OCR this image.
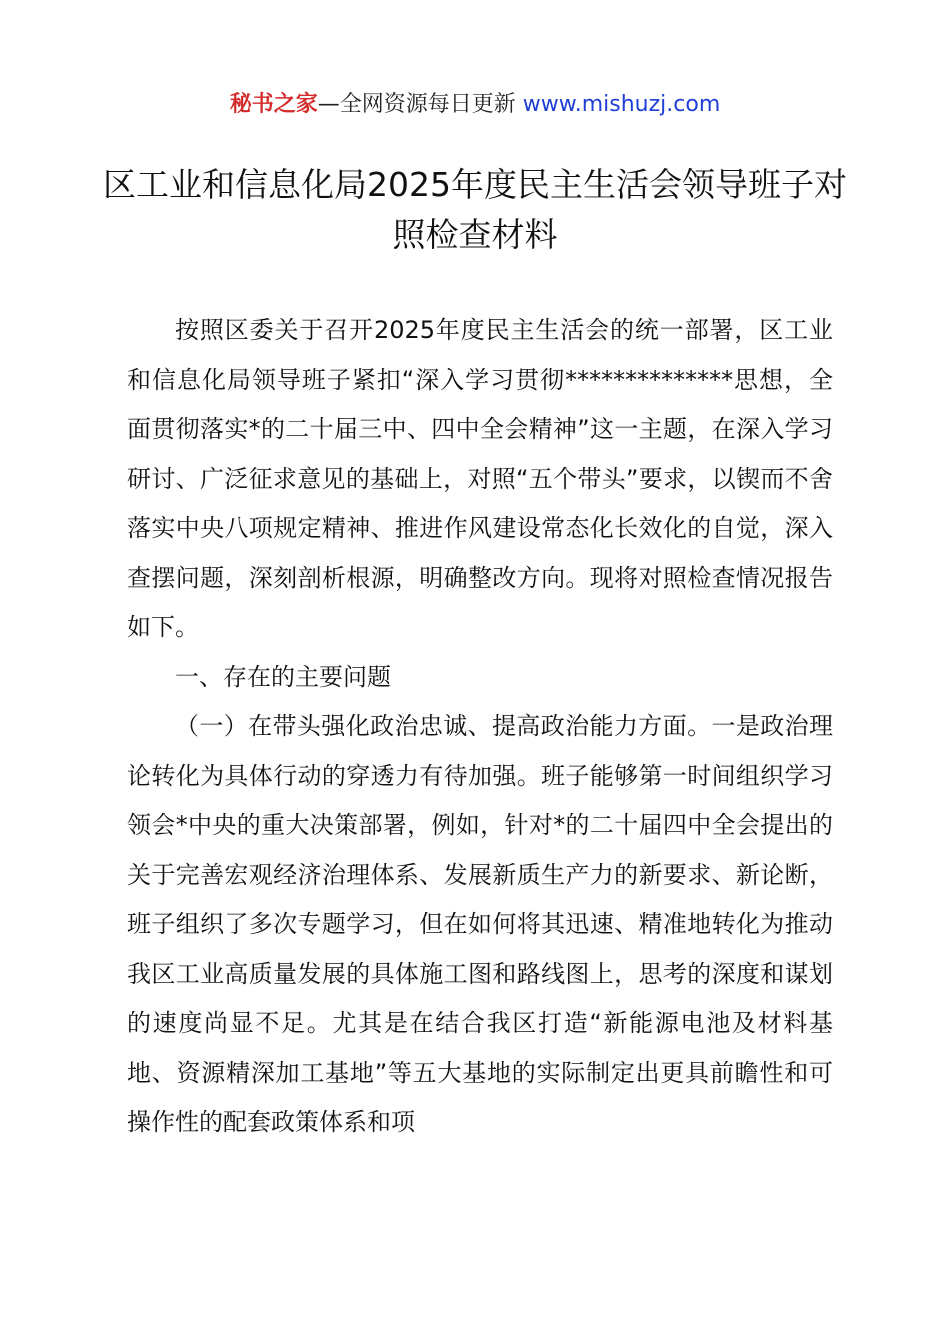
秘书之家—全网资源每日更新 www.mishuzj.com
区工业和信息化局2025年度民主生活会领导班子对照检查材料

按照区委关于召开2025年度民主生活会的统一部署，区工业和信息化局领导班子紧扣“深入学习贯彻**************思想，全面贯彻落实*的二十届三中、四中全会精神”这一主题，在深入学习研讨、广泛征求意见的基础上，对照“五个带头”要求，以锲而不舍落实中央八项规定精神、推进作风建设常态化长效化的自觉，深入查摆问题，深刻剖析根源，明确整改方向。现将对照检查情况报告如下。

一、存在的主要问题

（一）在带头强化政治忠诚、提高政治能力方面。一是政治理论转化为具体行动的穿透力有待加强。班子能够第一时间组织学习领会*中央的重大决策部署，例如，针对*的二十届四中全会提出的关于完善宏观经济治理体系、发展新质生产力的新要求、新论断，班子组织了多次专题学习，但在如何将其迅速、精准地转化为推动我区工业高质量发展的具体施工图和路线图上，思考的深度和谋划的速度尚显不足。尤其是在结合我区打造“新能源电池及材料基地、资源精深加工基地”等五大基地的实际制定出更具前瞻性和可操作性的配套政策体系和项
